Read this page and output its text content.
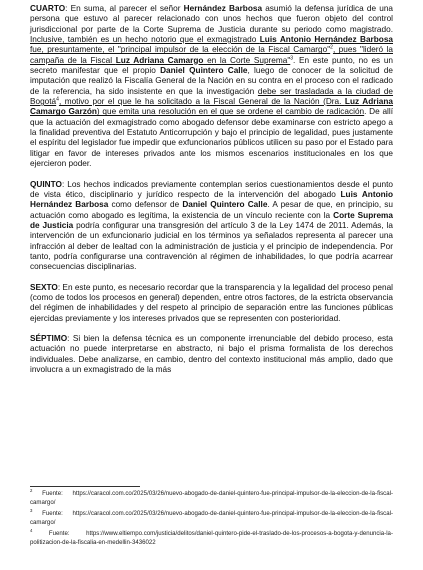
CUARTO: En suma, al parecer el señor Hernández Barbosa asumió la defensa jurídica de una persona que estuvo al parecer relacionado con unos hechos que fueron objeto del control jurisdiccional por parte de la Corte Suprema de Justicia durante su periodo como magistrado. Inclusive, también es un hecho notorio que el exmagistrado Luis Antonio Hernández Barbosa fue, presuntamente, el "principal impulsor de la elección de la Fiscal Camargo"$^2$, pues "lideró la campaña de la Fiscal Luz Adriana Camargo en la Corte Suprema"$^3$. En este punto, no es un secreto manifestar que el propio Daniel Quintero Calle, luego de conocer de la solicitud de imputación que realizó la Fiscalía General de la Nación en su contra en el proceso con el radicado de la referencia, ha sido insistente en que la investigación debe ser trasladada a la ciudad de Bogotá$^4$, motivo por el que le ha solicitado a la Fiscal General de la Nación (Dra. Luz Adriana Camargo Garzón) que emita una resolución en el que se ordene el cambio de radicación. De allí que la actuación del exmagistrado como abogado defensor debe examinarse con estricto apego a la finalidad preventiva del Estatuto Anticorrupción y bajo el principio de legalidad, pues justamente el espíritu del legislador fue impedir que exfuncionarios públicos utilicen su paso por el Estado para litigar en favor de intereses privados ante los mismos escenarios institucionales en los que ejercieron poder.

QUINTO: Los hechos indicados previamente contemplan serios cuestionamientos desde el punto de vista ético, disciplinario y jurídico respecto de la intervención del abogado Luis Antonio Hernández Barbosa como defensor de Daniel Quintero Calle. A pesar de que, en principio, su actuación como abogado es legítima, la existencia de un vínculo reciente con la Corte Suprema de Justicia podría configurar una transgresión del artículo 3 de la Ley 1474 de 2011. Además, la intervención de un exfuncionario judicial en los términos ya señalados representa al parecer una infracción al deber de lealtad con la administración de justicia y el principio de independencia. Por tanto, podría configurarse una contravención al régimen de inhabilidades, lo que podría acarrear consecuencias disciplinarias.

SEXTO: En este punto, es necesario recordar que la transparencia y la legalidad del proceso penal (como de todos los procesos en general) dependen, entre otros factores, de la estricta observancia del régimen de inhabilidades y del respeto al principio de separación entre las funciones públicas ejercidas previamente y los intereses privados que se representen con posterioridad.

SÉPTIMO: Si bien la defensa técnica es un componente irrenunciable del debido proceso, esta actuación no puede interpretarse en abstracto, ni bajo el prisma formalista de los derechos individuales. Debe analizarse, en cambio, dentro del contexto institucional más amplio, dado que involucra a un exmagistrado de la más

$^2$ Fuente: https://caracol.com.co/2025/03/26/nuevo-abogado-de-daniel-quintero-fue-principal-impulsor-de-la-eleccion-de-la-fiscal-camargo/
$^3$ Fuente: https://caracol.com.co/2025/03/26/nuevo-abogado-de-daniel-quintero-fue-principal-impulsor-de-la-eleccion-de-la-fiscal-camargo/
$^4$	Fuente: https://www.eltiempo.com/justicia/delitos/daniel-quintero-pide-el-traslado-de-los-procesos-a-bogota-y-denuncia-la-politizacion-de-la-fiscalia-en-medellin-3436022
